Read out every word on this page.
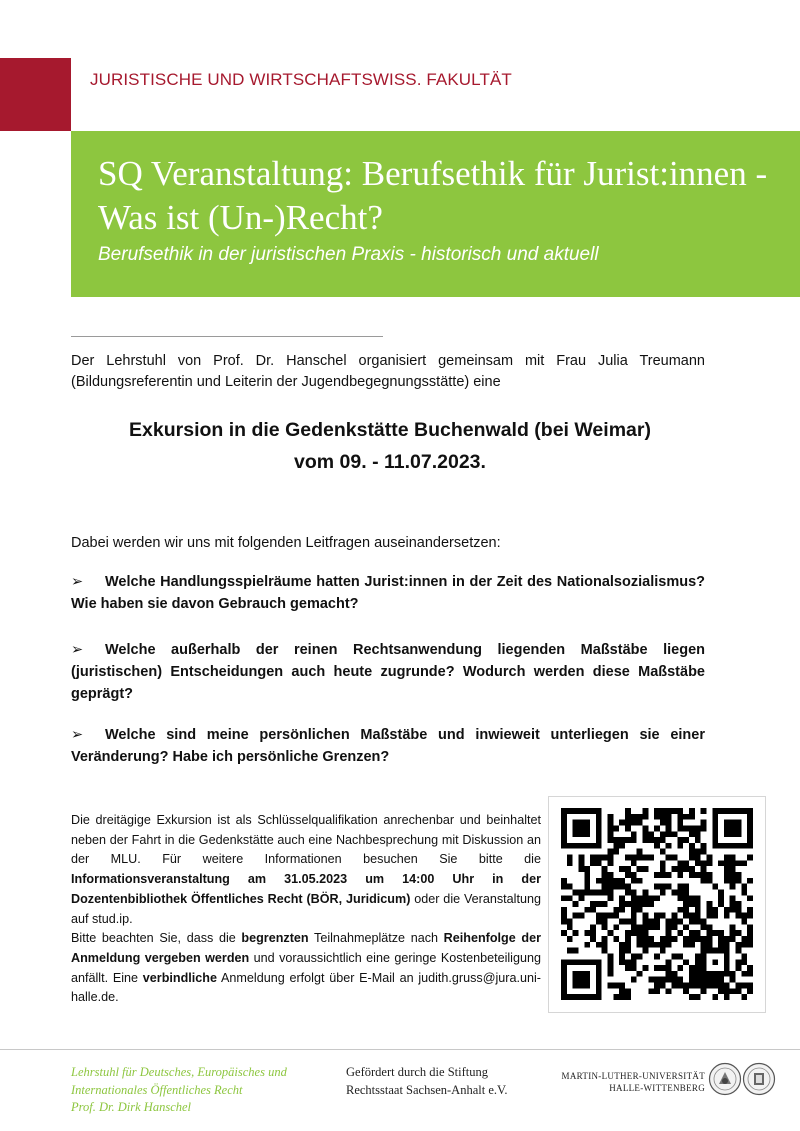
JURISTISCHE UND WIRTSCHAFTSWISS. FAKULTÄT
SQ Veranstaltung: Berufsethik für Jurist:innen - Was ist (Un-)Recht?
Berufsethik in der juristischen Praxis - historisch und aktuell

Der Lehrstuhl von Prof. Dr. Hanschel organisiert gemeinsam mit Frau Julia Treumann (Bildungsreferentin und Leiterin der Jugendbegegnungsstätte) eine

Exkursion in die Gedenkstätte Buchenwald (bei Weimar)
vom 09. - 11.07.2023.

Dabei werden wir uns mit folgenden Leitfragen auseinandersetzen:

➢ Welche Handlungsspielräume hatten Jurist:innen in der Zeit des Nationalsozialismus? Wie haben sie davon Gebrauch gemacht?

➢ Welche außerhalb der reinen Rechtsanwendung liegenden Maßstäbe liegen (juristischen) Entscheidungen auch heute zugrunde? Wodurch werden diese Maßstäbe geprägt?

➢ Welche sind meine persönlichen Maßstäbe und inwieweit unterliegen sie einer Veränderung? Habe ich persönliche Grenzen?

Die dreitägige Exkursion ist als Schlüsselqualifikation anrechenbar und beinhaltet neben der Fahrt in die Gedenkstätte auch eine Nachbesprechung mit Diskussion an der MLU. Für weitere Informationen besuchen Sie bitte die Informationsveranstaltung am 31.05.2023 um 14:00 Uhr in der Dozentenbibliothek Öffentliches Recht (BÖR, Juridicum) oder die Veranstaltung auf stud.ip.

Bitte beachten Sie, dass die begrenzten Teilnahmeplätze nach Reihenfolge der Anmeldung vergeben werden und voraussichtlich eine geringe Kostenbeteiligung anfällt. Eine verbindliche Anmeldung erfolgt über E-Mail an judith.gruss@jura.uni-halle.de.

Lehrstuhl für Deutsches, Europäisches und
Internationales Öffentliches Recht
Prof. Dr. Dirk Hanschel
Gefördert durch die Stiftung
Rechtsstaat Sachsen-Anhalt e.V.
MARTIN-LUTHER-UNIVERSITÄT
HALLE-WITTENBERG
